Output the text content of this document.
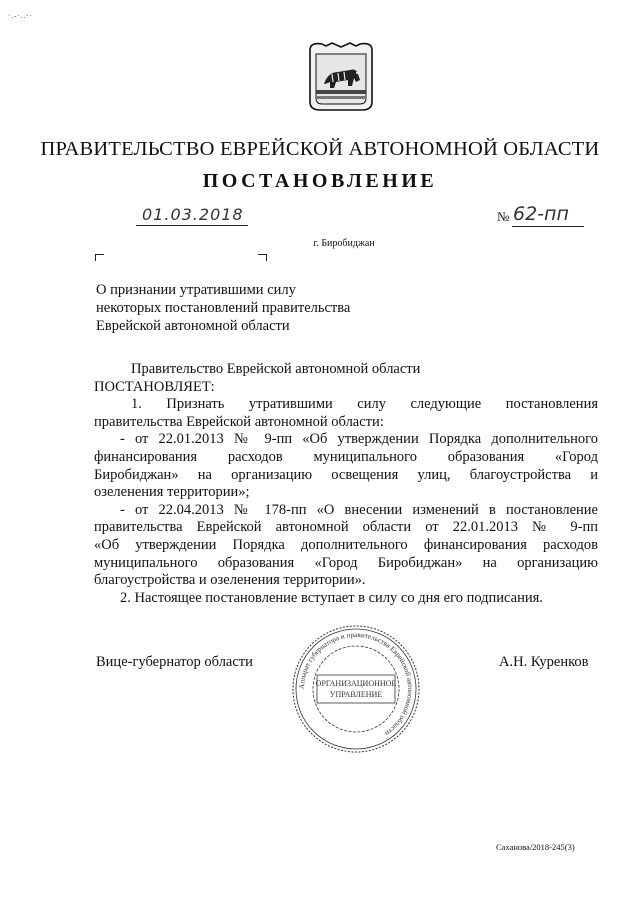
·.-·..··
ПРАВИТЕЛЬСТВО ЕВРЕЙСКОЙ АВТОНОМНОЙ ОБЛАСТИ
ПОСТАНОВЛЕНИЕ
01.03.2018	№ 62-пп
г. Биробиджан
О признании утратившими силу
некоторых постановлений правительства
Еврейской автономной области

Правительство Еврейской автономной области

ПОСТАНОВЛЯЕТ:

1. Признать утратившими силу следующие постановления

правительства Еврейской автономной области:

- от 22.01.2013 № 9-пп «Об утверждении Порядка дополнительного

финансирования расходов муниципального образования «Город

Биробиджан» на организацию освещения улиц, благоустройства и

озеленения территории»;

- от 22.04.2013 № 178-пп «О внесении изменений в постановление

правительства Еврейской автономной области от 22.01.2013 № 9-пп

«Об утверждении Порядка дополнительного финансирования расходов

муниципального образования «Город Биробиджан» на организацию

благоустройства и озеленения территории».

2. Настоящее постановление вступает в силу со дня его подписания.

Вице-губернатор области	А.Н. Куренков
Аппарат губернатора и правительства Еврейской автономной области
ОРГАНИЗАЦИОННОЕ
УПРАВЛЕНИЕ
Саханова/2018-245(3)
